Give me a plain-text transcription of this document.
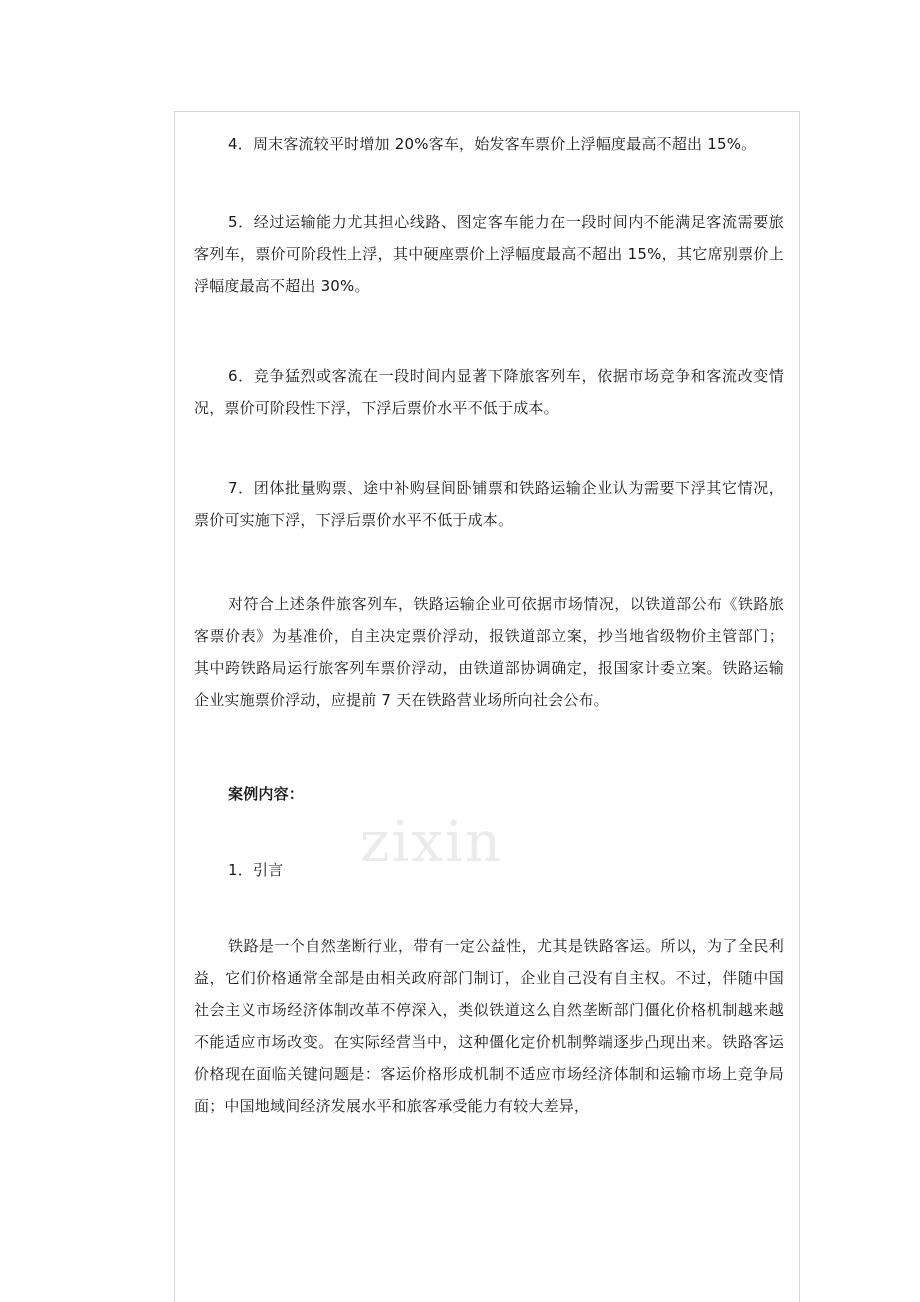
zixin

4．周末客流较平时增加 20%客车，始发客车票价上浮幅度最高不超出 15%。

5．经过运输能力尤其担心线路、图定客车能力在一段时间内不能满足客流需要旅客列车，票价可阶段性上浮，其中硬座票价上浮幅度最高不超出 15%，其它席别票价上浮幅度最高不超出 30%。

6．竞争猛烈或客流在一段时间内显著下降旅客列车，依据市场竞争和客流改变情况，票价可阶段性下浮，下浮后票价水平不低于成本。

7．团体批量购票、途中补购昼间卧铺票和铁路运输企业认为需要下浮其它情况，票价可实施下浮，下浮后票价水平不低于成本。

对符合上述条件旅客列车，铁路运输企业可依据市场情况，以铁道部公布《铁路旅客票价表》为基准价，自主决定票价浮动，报铁道部立案，抄当地省级物价主管部门；其中跨铁路局运行旅客列车票价浮动，由铁道部协调确定，报国家计委立案。铁路运输企业实施票价浮动，应提前 7 天在铁路营业场所向社会公布。

案例内容：

1．引言

铁路是一个自然垄断行业，带有一定公益性，尤其是铁路客运。所以，为了全民利益，它们价格通常全部是由相关政府部门制订，企业自己没有自主权。不过，伴随中国社会主义市场经济体制改革不停深入，类似铁道这么自然垄断部门僵化价格机制越来越不能适应市场改变。在实际经营当中，这种僵化定价机制弊端逐步凸现出来。铁路客运价格现在面临关键问题是：客运价格形成机制不适应市场经济体制和运输市场上竞争局面；中国地域间经济发展水平和旅客承受能力有较大差异，
